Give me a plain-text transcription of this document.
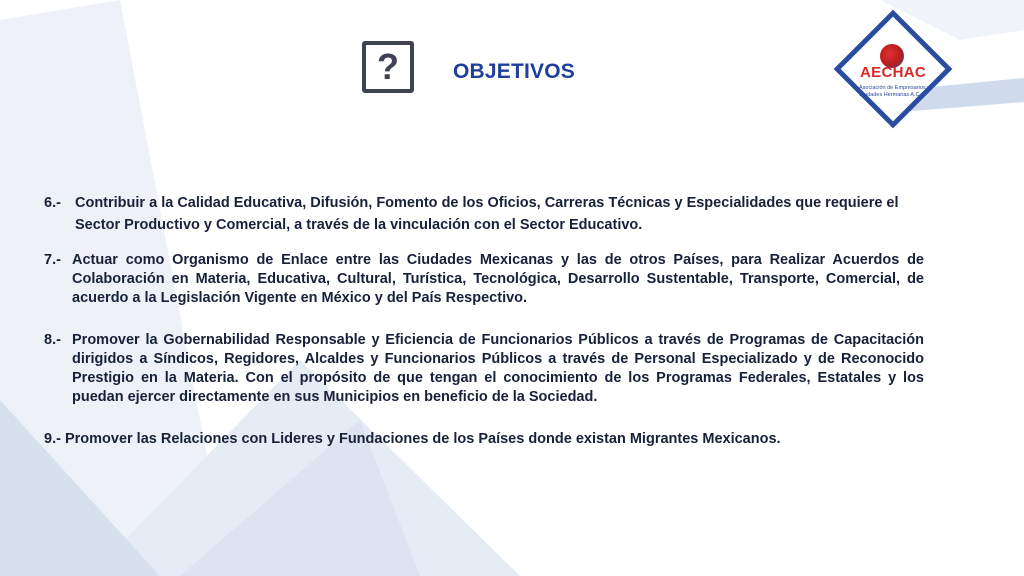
?	OBJETIVOS	AECHAC
Asociación de Empresarios y Ciudades Hermanas A.C.
6.- Contribuir a la Calidad Educativa, Difusión, Fomento de los Oficios, Carreras Técnicas y Especialidades que requiere el Sector Productivo y Comercial, a través de la vinculación con el Sector Educativo.
7.- Actuar como Organismo de Enlace entre las Ciudades Mexicanas y las de otros Países, para Realizar Acuerdos de Colaboración en Materia, Educativa, Cultural, Turística, Tecnológica, Desarrollo Sustentable, Transporte, Comercial, de acuerdo a la Legislación Vigente en México y del País Respectivo.
8.- Promover la Gobernabilidad Responsable y Eficiencia de Funcionarios Públicos a través de Programas de Capacitación dirigidos a Síndicos, Regidores, Alcaldes y Funcionarios Públicos a través de Personal Especializado y de Reconocido Prestigio en la Materia. Con el propósito de que tengan el conocimiento de los Programas Federales, Estatales y los puedan ejercer directamente en sus Municipios en beneficio de la Sociedad.
9.- Promover las Relaciones con Lideres y Fundaciones de los Países donde existan Migrantes Mexicanos.
